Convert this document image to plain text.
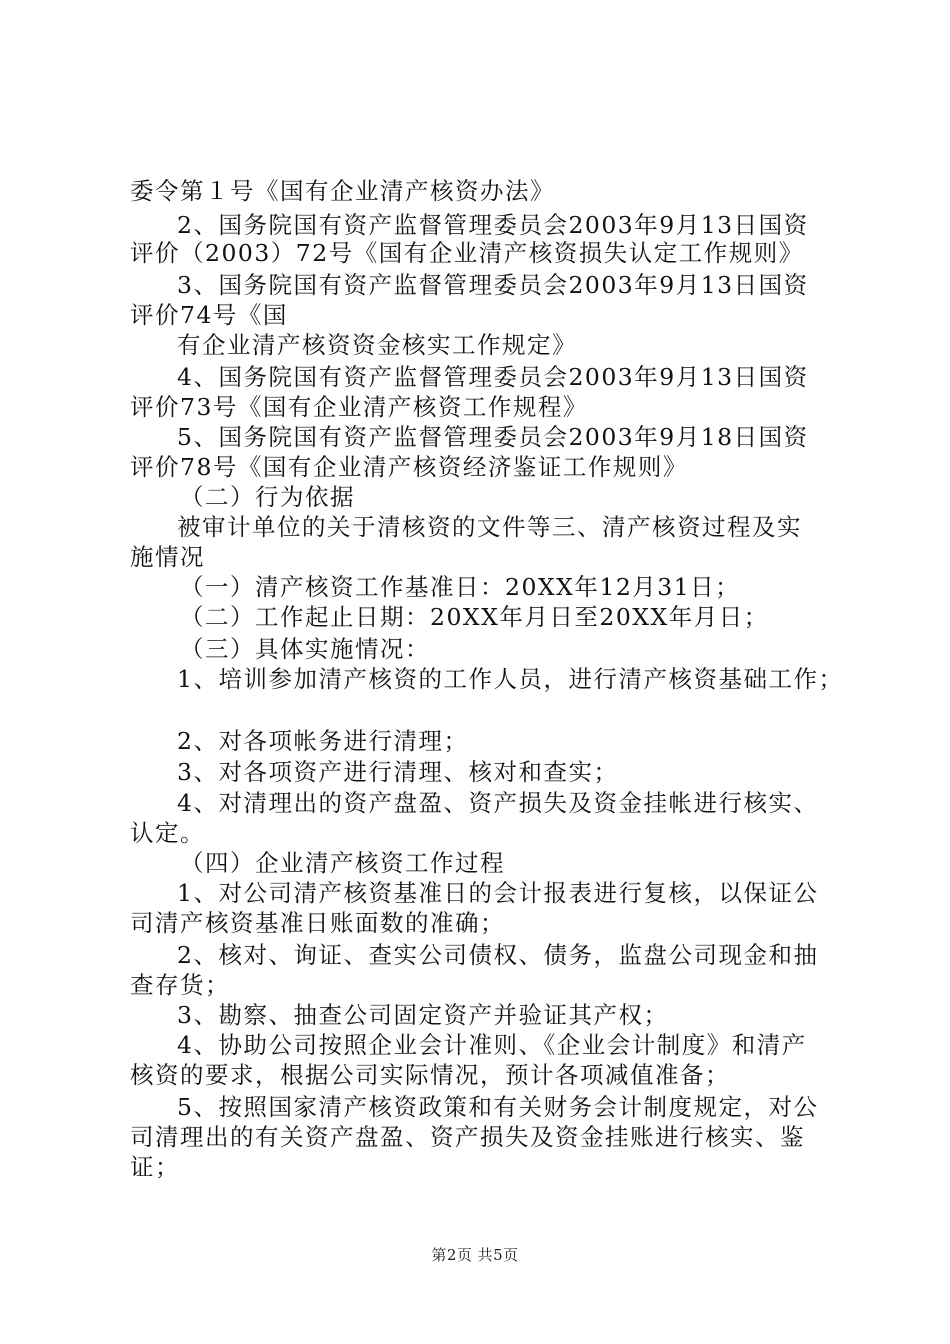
委令第１号《国有企业清产核资办法》
2、国务院国有资产监督管理委员会2003年9月13日国资
评价（2003）72号《国有企业清产核资损失认定工作规则》
3、国务院国有资产监督管理委员会2003年9月13日国资
评价74号《国
有企业清产核资资金核实工作规定》
4、国务院国有资产监督管理委员会2003年9月13日国资
评价73号《国有企业清产核资工作规程》
5、国务院国有资产监督管理委员会2003年9月18日国资
评价78号《国有企业清产核资经济鉴证工作规则》
（二）行为依据
被审计单位的关于清核资的文件等三、清产核资过程及实
施情况
（一）清产核资工作基准日：20XX年12月31日；
（二）工作起止日期：20XX年月日至20XX年月日；
（三）具体实施情况：
1、培训参加清产核资的工作人员，进行清产核资基础工作；
2、对各项帐务进行清理；
3、对各项资产进行清理、核对和查实；
4、对清理出的资产盘盈、资产损失及资金挂帐进行核实、
认定。
（四）企业清产核资工作过程
1、对公司清产核资基准日的会计报表进行复核，以保证公
司清产核资基准日账面数的准确；
2、核对、询证、查实公司债权、债务，监盘公司现金和抽
查存货；
3、勘察、抽查公司固定资产并验证其产权；
4、协助公司按照企业会计准则、《企业会计制度》和清产
核资的要求，根据公司实际情况，预计各项减值准备；
5、按照国家清产核资政策和有关财务会计制度规定，对公
司清理出的有关资产盘盈、资产损失及资金挂账进行核实、鉴
证；
第2页 共5页
